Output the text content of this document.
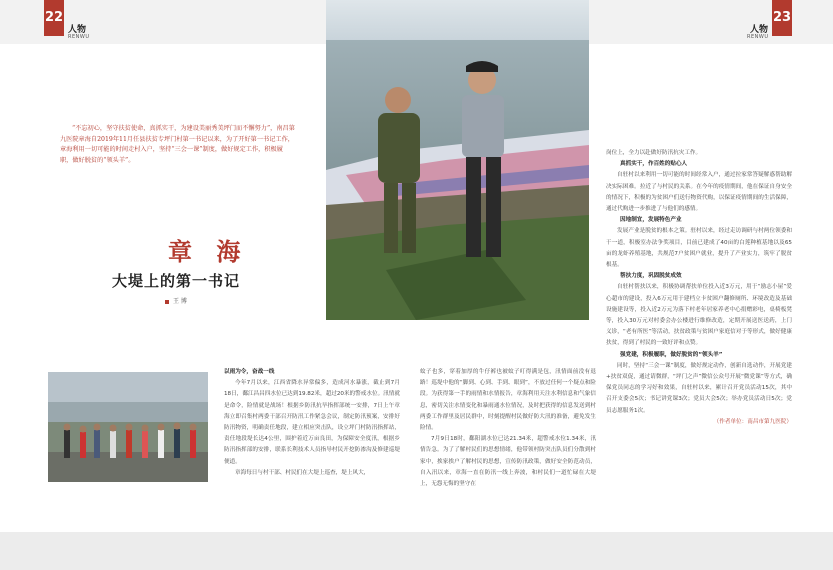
22
人物
RENWU
人物
RENWU
23
“不忘初心，坚守扶贫使命，真抓实干，为建设美丽秀美坪门而不懈努力”，南昌第九医院章海自2019年11月任县扶贫专坪门村第一书记以来，为了开好第一书记工作，章海利用一切可能的时间走村入户，坚持“三会一课”制度，做好规定工作，积极履职，做好脱贫的“领头羊”。
章 海
大堤上的第一书记
王 博

以雨为令，奋战一线

今年7月以来，江西省降水异常偏多，造成河水暴涨，截止到7月18日，鄱江昌昌四水位已达到19.82米，超过20米的警戒水位。汛情就是命令，险情就是战场！根据乡防汛抗旱指挥部统一安排，7日上午章海立即召集村两委干部召开防汛工作紧急会议，制定防汛预案，安排好防汛物资，明确责任地段，建立相应突击队，设立坪门村防汛指挥站，责任地段堤长达4公里，围护着近万亩良田，为保障安全度汛，根据乡防汛指挥部的安排，联系长利技术人员指导村民开挖防渗沟及修建巡堤便道。

章海每日与村干部、村民们在大堤上巡查，堤上风大，

蚊子也多，穿着加厚的牛仔裤也被蚊子叮得满是包，汛情面前没有退路！巡堤中他的“脚到、心到、手到、眼到”，不放过任何一个疑点和险段。为获得第一手的雨情和水情报告，章海利用天注水利信息和气象信息，密切关注水情变化和暴雨通水位情况，及时把获得的信息发送到村两委工作群里及居民群中，时刻提醒村民做好防大汛的准备，避免发生险情。

7月9日18时，鄱阳湖水位已达21.34米，超警戒水位1.34米，汛情告急。为了了解村民们的思想情绪，他带领村防突击队员们分散到村家中，挨家挨户了解村民的思想，宣传防汛政策，做好安全防范动员，自入汛以来，章海一直在防汛一线上奔波，和村民们一道忙碌在大堤上，无怨无悔的坚守在

岗位上，全力以赴做好防汛抗灾工作。

真抓实干，作百姓的贴心人

自驻村以来利用一切可能的时间经常入户，通过拉家常答疑解惑帮助解决实际困难。拉近了与村民的关系。在今年的疫情期间，他在保证自身安全的情况下，积极的为贫困户们送行物资代购，以保证疫情期间的生活保障，通过代购进一步推进了与他们的感情。

因地制宜，发展特色产业

发展产业是脱贫的根本之策。驻村以来，经过走访调研与村两位领委和干一道，积极室办法争奖项目，目前已建成了40亩的白莲种植基地以及65亩的龙虾养殖基地，共规范7户贫困户就业，提升了产业实力，筑牢了脱贫根基。

帮扶力度，巩固脱贫成效

自驻村帮扶以来，积极协调帮扶单位投入近3万元，用于“励志小屋”爱心超市的建设，投入6万元用于建档立卡贫困户翻修厕所、环境改造及基础设施建设等，投入近2万元为落下村老年居家养老中心捐赠彩电，桌椅板凳等，投入30万元对村委会办公楼进行维修改造，定期开展送医送药，上门义诊，“老有所医”等活动，扶贫政策与贫困户家庭信对于等形式，做好健康扶贫，得到了村民的一致好评和点赞。

强党建，积极履职，做好脱贫的“领头羊”

同时，坚持“三会一课”制度，做好规定动作，创新自选动作，开展党建+扶贫双促，通过请微群，“坪门之声”微信公众号开展“微党课”等方式，确保党员同志的学习好和效果，自驻村以来，累计召开党员活动15次，其中召开支委会5次；书记讲党课3次；党员大会5次；举办党员活动日5次；党员志愿服务1次。

（作者单位：南昌市第九医院）
